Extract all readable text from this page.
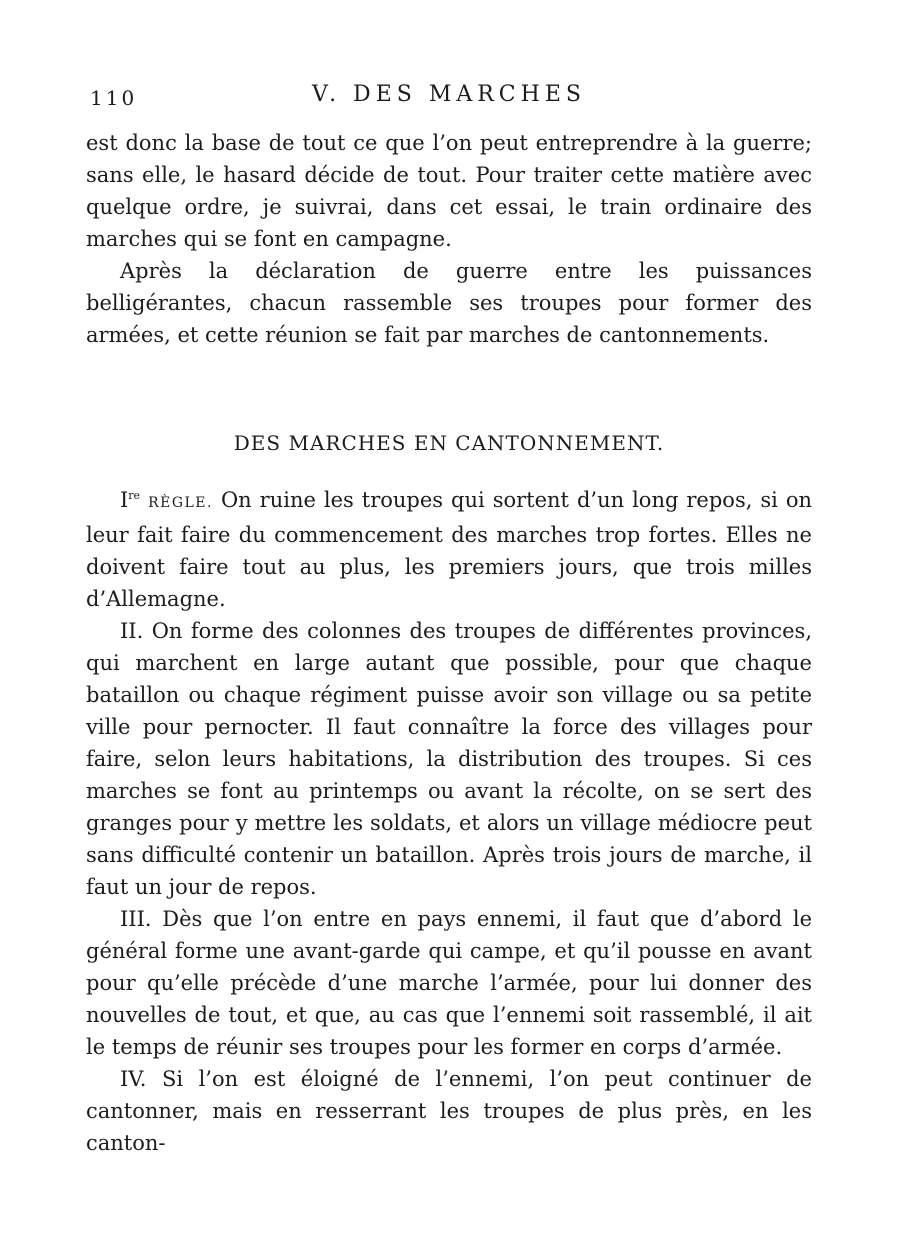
110	V. DES MARCHES

est donc la base de tout ce que l’on peut entreprendre à la guerre; sans elle, le hasard décide de tout. Pour traiter cette matière avec quelque ordre, je suivrai, dans cet essai, le train ordinaire des marches qui se font en campagne.

Après la déclaration de guerre entre les puissances belligérantes, chacun rassemble ses troupes pour former des armées, et cette réunion se fait par marches de cantonnements.

DES MARCHES EN CANTONNEMENT.

Ire RÈGLE. On ruine les troupes qui sortent d’un long repos, si on leur fait faire du commencement des marches trop fortes. Elles ne doivent faire tout au plus, les premiers jours, que trois milles d’Allemagne.

II. On forme des colonnes des troupes de différentes provinces, qui marchent en large autant que possible, pour que chaque bataillon ou chaque régiment puisse avoir son village ou sa petite ville pour pernocter. Il faut connaître la force des villages pour faire, selon leurs habitations, la distribution des troupes. Si ces marches se font au printemps ou avant la récolte, on se sert des granges pour y mettre les soldats, et alors un village médiocre peut sans difficulté contenir un bataillon. Après trois jours de marche, il faut un jour de repos.

III. Dès que l’on entre en pays ennemi, il faut que d’abord le général forme une avant-garde qui campe, et qu’il pousse en avant pour qu’elle précède d’une marche l’armée, pour lui donner des nouvelles de tout, et que, au cas que l’ennemi soit rassemblé, il ait le temps de réunir ses troupes pour les former en corps d’armée.

IV. Si l’on est éloigné de l’ennemi, l’on peut continuer de cantonner, mais en resserrant les troupes de plus près, en les canton-
